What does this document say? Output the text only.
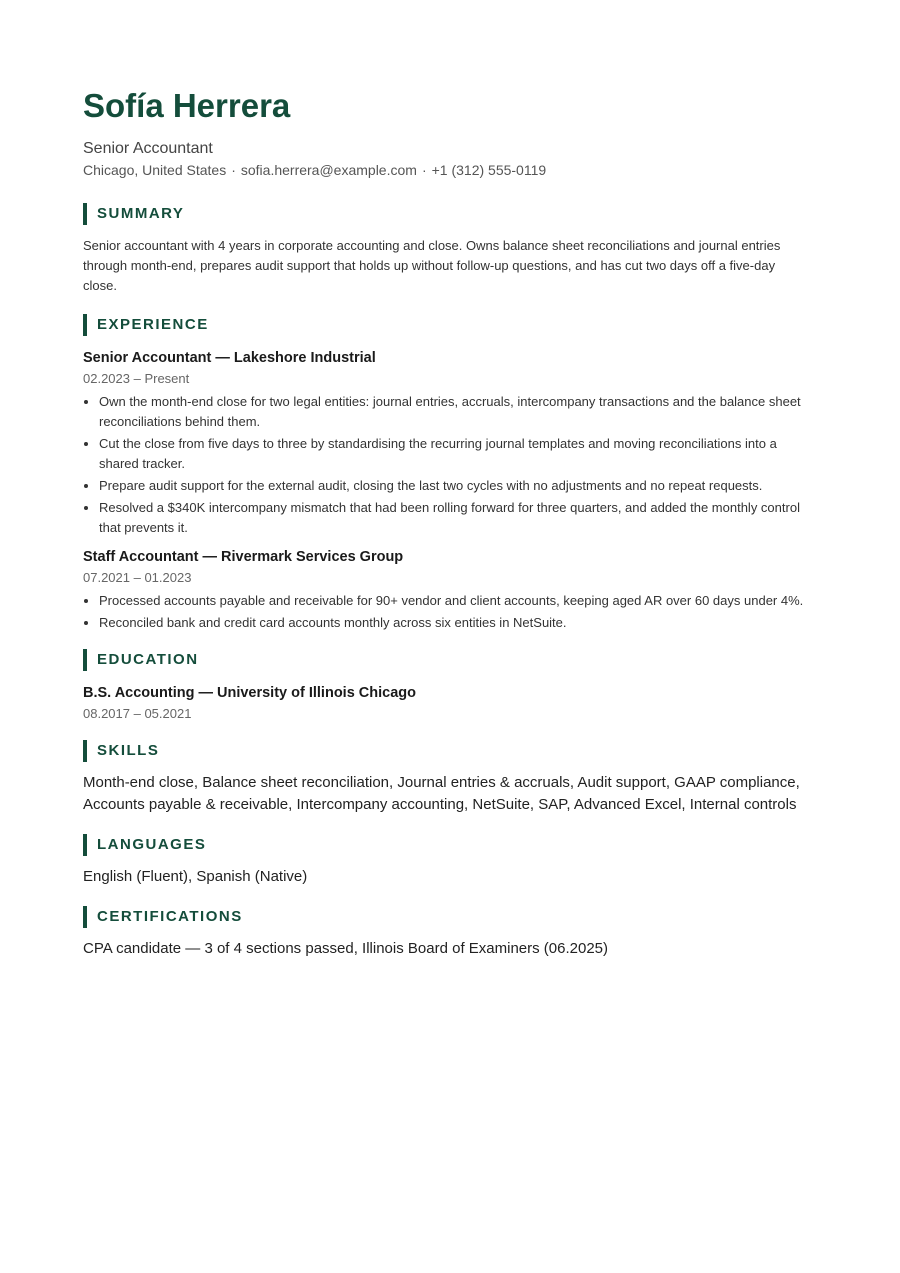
Sofía Herrera
Senior Accountant
Chicago, United States · sofia.herrera@example.com · +1 (312) 555-0119
SUMMARY
Senior accountant with 4 years in corporate accounting and close. Owns balance sheet reconciliations and journal entries through month-end, prepares audit support that holds up without follow-up questions, and has cut two days off a five-day close.
EXPERIENCE
Senior Accountant — Lakeshore Industrial
02.2023 – Present
• Own the month-end close for two legal entities: journal entries, accruals, intercompany transactions and the balance sheet reconciliations behind them.
• Cut the close from five days to three by standardising the recurring journal templates and moving reconciliations into a shared tracker.
• Prepare audit support for the external audit, closing the last two cycles with no adjustments and no repeat requests.
• Resolved a $340K intercompany mismatch that had been rolling forward for three quarters, and added the monthly control that prevents it.
Staff Accountant — Rivermark Services Group
07.2021 – 01.2023
• Processed accounts payable and receivable for 90+ vendor and client accounts, keeping aged AR over 60 days under 4%.
• Reconciled bank and credit card accounts monthly across six entities in NetSuite.
EDUCATION
B.S. Accounting — University of Illinois Chicago
08.2017 – 05.2021
SKILLS
Month-end close, Balance sheet reconciliation, Journal entries & accruals, Audit support, GAAP compliance, Accounts payable & receivable, Intercompany accounting, NetSuite, SAP, Advanced Excel, Internal controls
LANGUAGES
English (Fluent), Spanish (Native)
CERTIFICATIONS
CPA candidate — 3 of 4 sections passed, Illinois Board of Examiners (06.2025)
